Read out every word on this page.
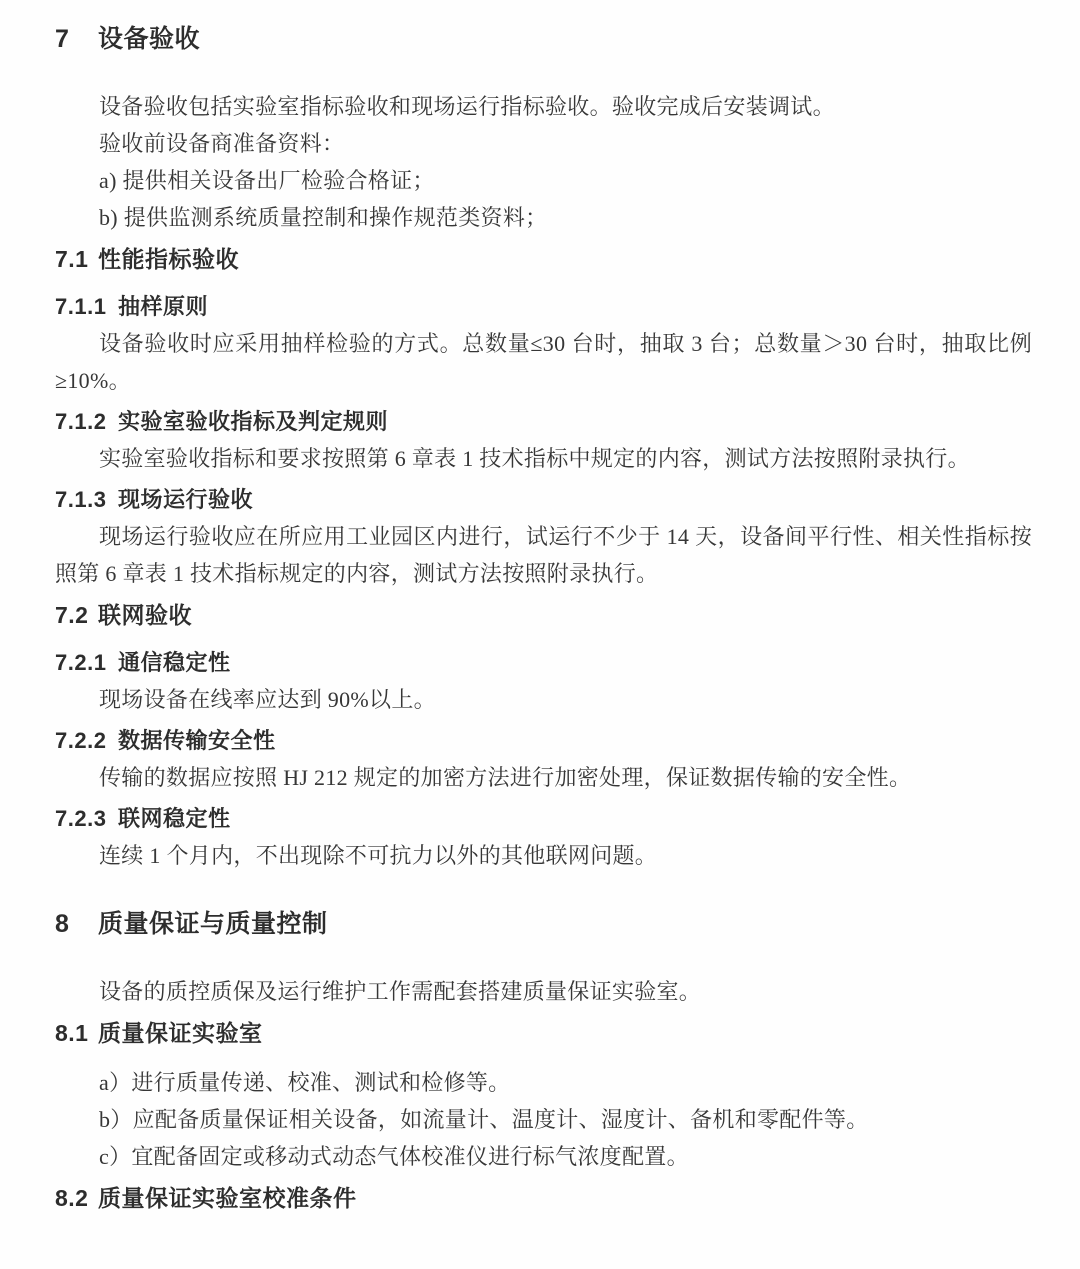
7 设备验收

设备验收包括实验室指标验收和现场运行指标验收。验收完成后安装调试。

验收前设备商准备资料：

a) 提供相关设备出厂检验合格证；

b) 提供监测系统质量控制和操作规范类资料；

7.1 性能指标验收
7.1.1 抽样原则

设备验收时应采用抽样检验的方式。总数量≤30 台时，抽取 3 台；总数量＞30 台时，抽取比例≥10%。

7.1.2 实验室验收指标及判定规则

实验室验收指标和要求按照第 6 章表 1 技术指标中规定的内容，测试方法按照附录执行。

7.1.3 现场运行验收

现场运行验收应在所应用工业园区内进行，试运行不少于 14 天，设备间平行性、相关性指标按照第 6 章表 1 技术指标规定的内容，测试方法按照附录执行。

7.2 联网验收
7.2.1 通信稳定性

现场设备在线率应达到 90%以上。

7.2.2 数据传输安全性

传输的数据应按照 HJ 212 规定的加密方法进行加密处理，保证数据传输的安全性。

7.2.3 联网稳定性

连续 1 个月内，不出现除不可抗力以外的其他联网问题。

8 质量保证与质量控制

设备的质控质保及运行维护工作需配套搭建质量保证实验室。

8.1 质量保证实验室

a）进行质量传递、校准、测试和检修等。

b）应配备质量保证相关设备，如流量计、温度计、湿度计、备机和零配件等。

c）宜配备固定或移动式动态气体校准仪进行标气浓度配置。

8.2 质量保证实验室校准条件
